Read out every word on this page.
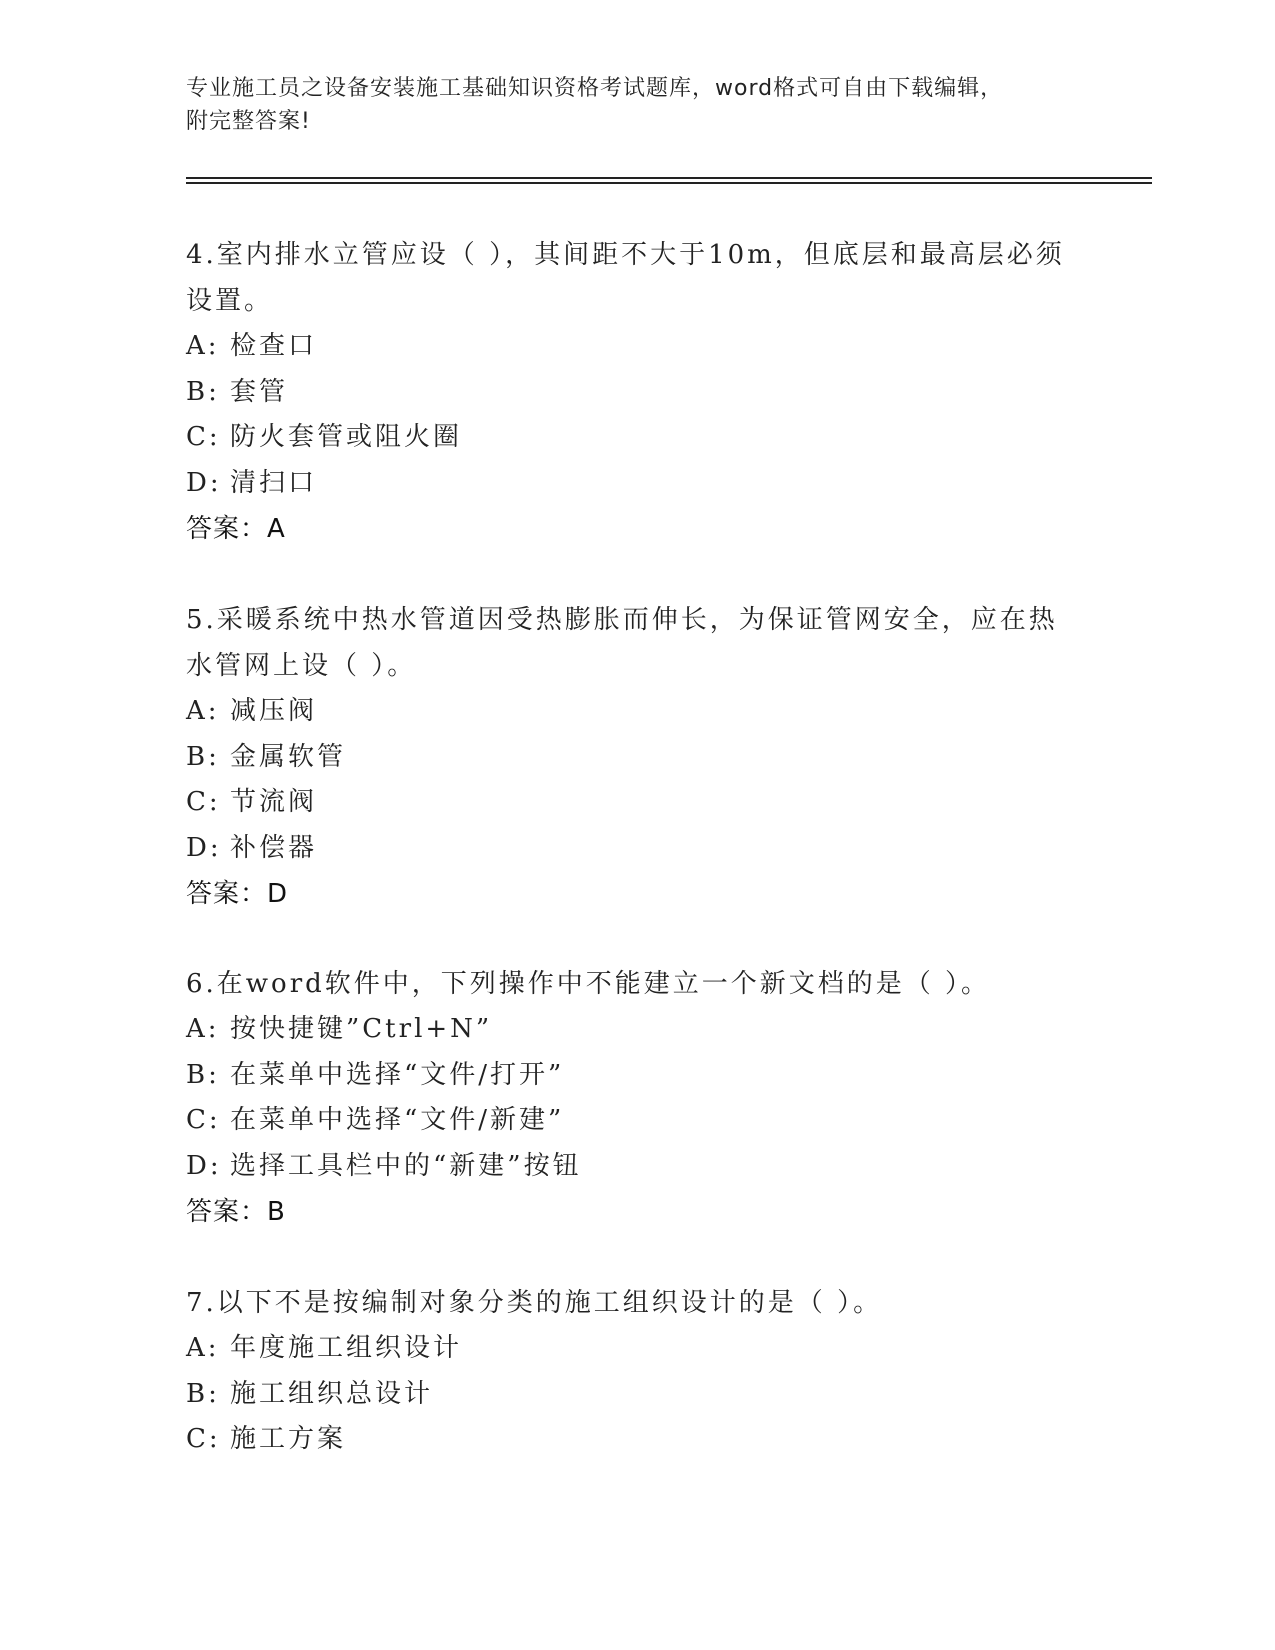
专业施工员之设备安装施工基础知识资格考试题库，word格式可自由下载编辑，
附完整答案!

4.室内排水立管应设（ ），其间距不大于10m，但底层和最高层必须设置。

A: 检查口

B: 套管

C: 防火套管或阻火圈

D: 清扫口

答案：A

5.采暖系统中热水管道因受热膨胀而伸长，为保证管网安全，应在热水管网上设（ ）。

A: 减压阀

B: 金属软管

C: 节流阀

D: 补偿器

答案：D

6.在word软件中，下列操作中不能建立一个新文档的是（ ）。

A: 按快捷键”Ctrl+N”

B: 在菜单中选择“文件/打开”

C: 在菜单中选择“文件/新建”

D: 选择工具栏中的“新建”按钮

答案：B

7.以下不是按编制对象分类的施工组织设计的是（ ）。

A: 年度施工组织设计

B: 施工组织总设计

C: 施工方案
